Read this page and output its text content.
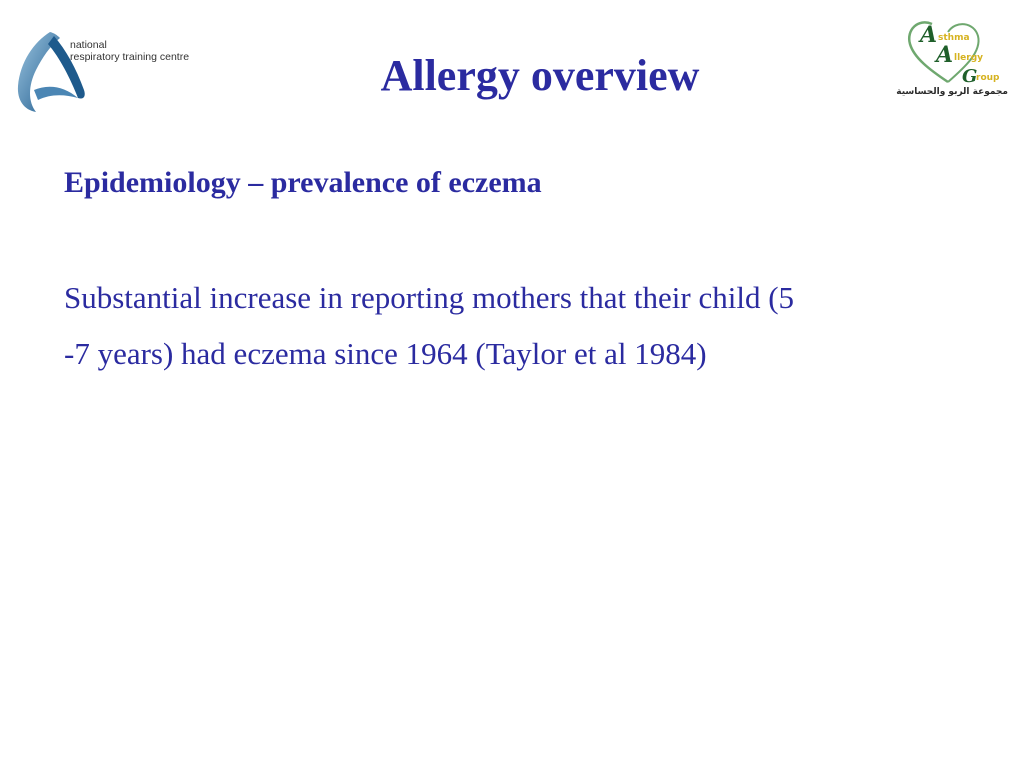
national
respiratory training centre	Allergy overview
A sthma
A llergy
G
roup
مجموعة الربو والحساسية
Epidemiology – prevalence of eczema
Substantial increase in reporting mothers that their child (5
-7 years) had eczema since 1964 (Taylor et al 1984)
